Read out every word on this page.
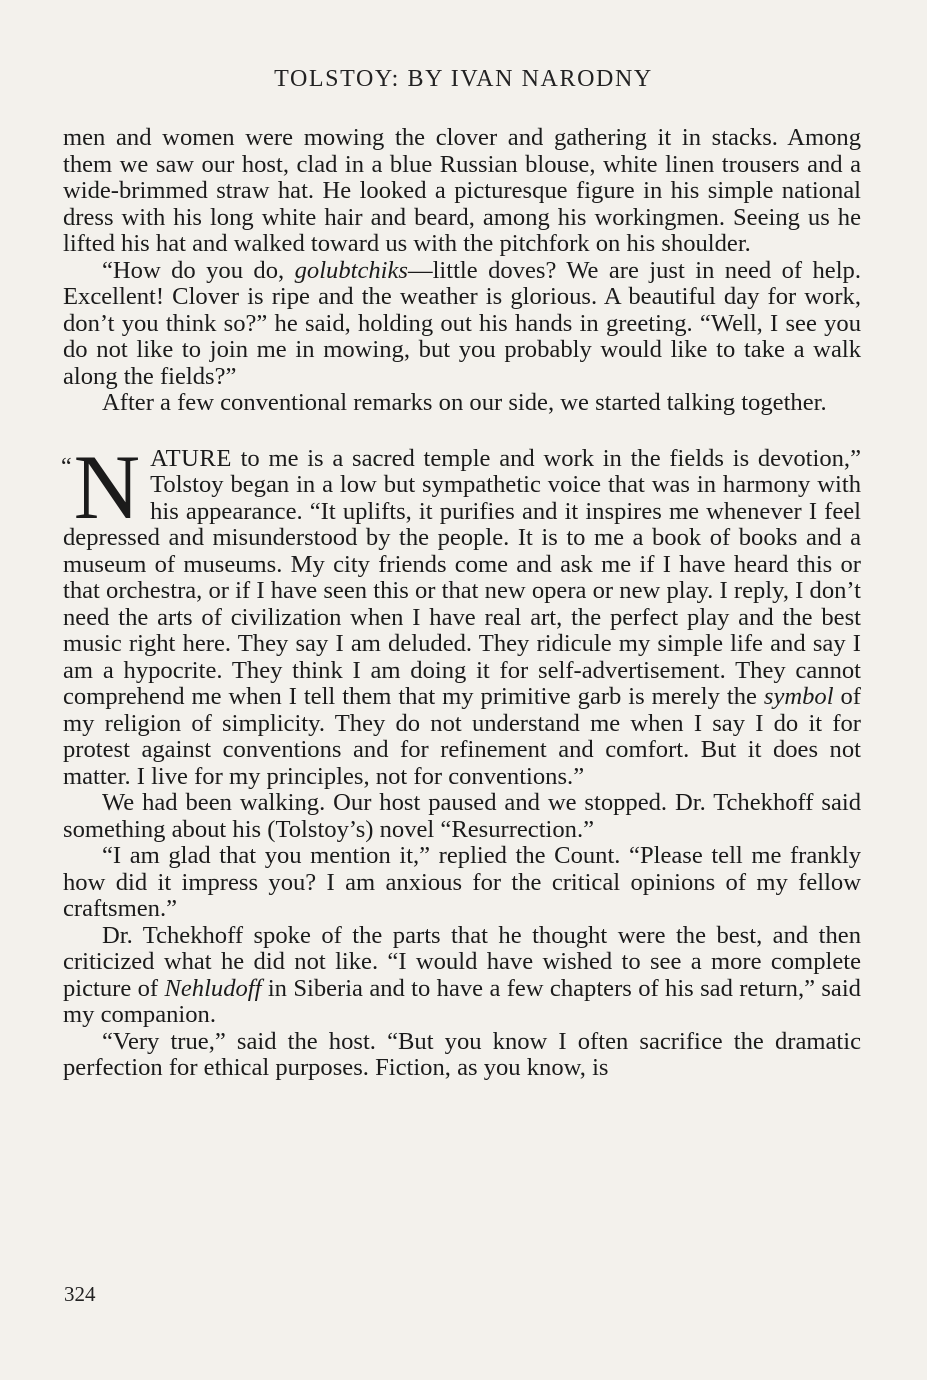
TOLSTOY: BY IVAN NARODNY

men and women were mowing the clover and gathering it in stacks. Among them we saw our host, clad in a blue Russian blouse, white linen trousers and a wide-brimmed straw hat. He looked a picturesque figure in his simple national dress with his long white hair and beard, among his workingmen. Seeing us he lifted his hat and walked toward us with the pitchfork on his shoulder.

“How do you do, golubtchiks—little doves? We are just in need of help. Excellent! Clover is ripe and the weather is glorious. A beautiful day for work, don’t you think so?” he said, holding out his hands in greeting. “Well, I see you do not like to join me in mowing, but you probably would like to take a walk along the fields?”

After a few conventional remarks on our side, we started talking together.

“N ATURE to me is a sacred temple and work in the fields is devotion,” Tolstoy began in a low but sympathetic voice that was in harmony with his appearance. “It uplifts, it purifies and it inspires me whenever I feel depressed and misunderstood by the people. It is to me a book of books and a museum of museums. My city friends come and ask me if I have heard this or that orchestra, or if I have seen this or that new opera or new play. I reply, I don’t need the arts of civilization when I have real art, the perfect play and the best music right here. They say I am deluded. They ridicule my simple life and say I am a hypocrite. They think I am doing it for self-advertisement. They cannot comprehend me when I tell them that my primitive garb is merely the symbol of my religion of simplicity. They do not understand me when I say I do it for protest against conventions and for refinement and comfort. But it does not matter. I live for my principles, not for conventions.”

We had been walking. Our host paused and we stopped. Dr. Tchekhoff said something about his (Tolstoy’s) novel “Resurrection.”

“I am glad that you mention it,” replied the Count. “Please tell me frankly how did it impress you? I am anxious for the critical opinions of my fellow craftsmen.”

Dr. Tchekhoff spoke of the parts that he thought were the best, and then criticized what he did not like. “I would have wished to see a more complete picture of Nehludoff in Siberia and to have a few chapters of his sad return,” said my companion.

“Very true,” said the host. “But you know I often sacrifice the dramatic perfection for ethical purposes. Fiction, as you know, is

324
